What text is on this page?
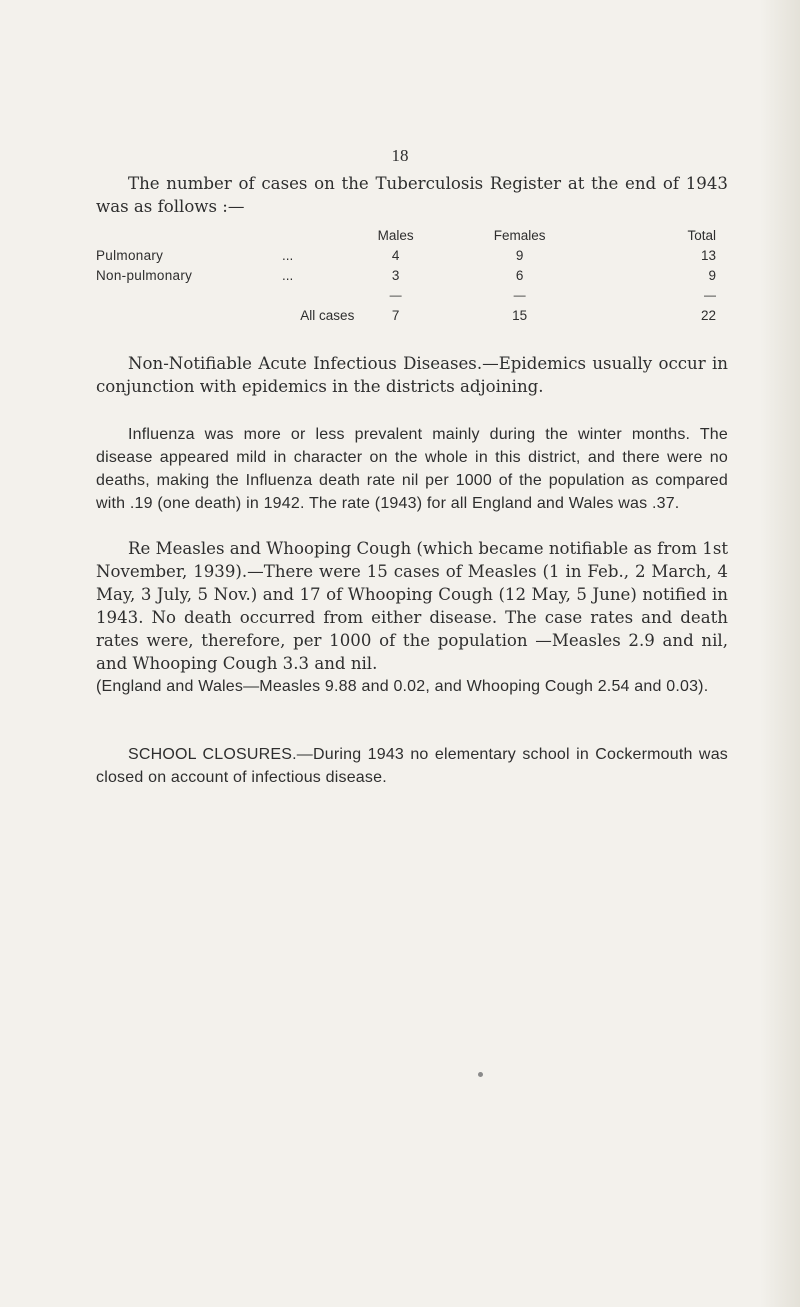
18

The number of cases on the Tuberculosis Register at the end of 1943 was as follows :—

		Males	Females	Total
Pulmonary	...	4	9	13
Non-pulmonary	...	3	6	9
		—	—	—
All cases		7	15	22

Non-Notifiable Acute Infectious Diseases.—Epidemics usually occur in conjunction with epidemics in the districts adjoining.

Influenza was more or less prevalent mainly during the winter months. The disease appeared mild in character on the whole in this district, and there were no deaths, making the Influenza death rate nil per 1000 of the population as compared with .19 (one death) in 1942. The rate (1943) for all England and Wales was .37.

Re Measles and Whooping Cough (which became notifiable as from 1st November, 1939).—There were 15 cases of Measles (1 in Feb., 2 March, 4 May, 3 July, 5 Nov.) and 17 of Whooping Cough (12 May, 5 June) notified in 1943. No death occurred from either disease. The case rates and death rates were, therefore, per 1000 of the population —Measles 2.9 and nil, and Whooping Cough 3.3 and nil.

(England and Wales—Measles 9.88 and 0.02, and Whooping Cough 2.54 and 0.03).

SCHOOL CLOSURES.—During 1943 no elementary school in Cockermouth was closed on account of infectious disease.
